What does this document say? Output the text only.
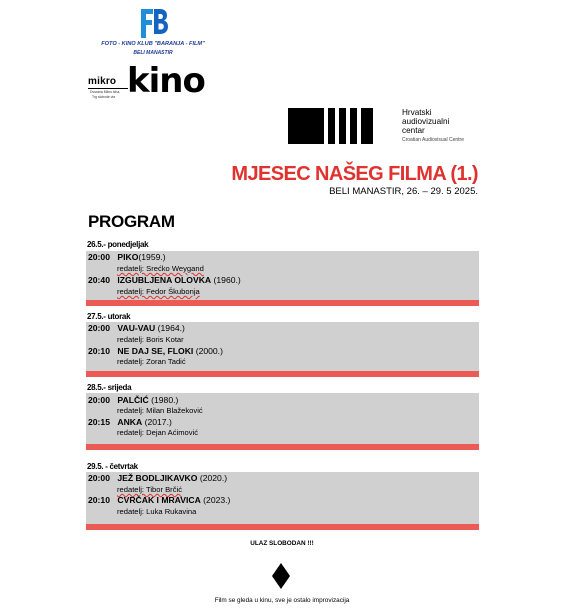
FOTO - KINO KLUB "BARANJA - FILM"
BELI MANASTIR
mikro kino
Dvorana Mikro kina,
Trg slobode via
Hrvatski
audiovizualni
centar
Croatian Audiovisual Centre
MJESEC NAŠEG FILMA (1.)
BELI MANASTIR, 26. – 29. 5 2025.
PROGRAM
26.5.- ponedjeljak
20:00 PIKO(1959.)
redatelj: Srećko Weygand
20:40 IZGUBLJENA OLOVKA (1960.)
redatelj: Fedor Škubonja
27.5.- utorak
20:00 VAU-VAU (1964.)
redatelj: Boris Kotar
20:10 NE DAJ SE, FLOKI (2000.)
redatelj: Zoran Tadić
28.5.- srijeda
20:00 PALČIĆ (1980.)
redatelj: Milan Blažeković
20:15 ANKA (2017.)
redatelj: Dejan Aćimović
29.5. - četvrtak
20:00 JEŽ BODLJIKAVKO (2020.)
redatelj: Tibor Brčić
20:10 CVRČAK I MRAVICA (2023.)
redatelj: Luka Rukavina
ULAZ SLOBODAN !!!
Film se gleda u kinu, sve je ostalo improvizacija
